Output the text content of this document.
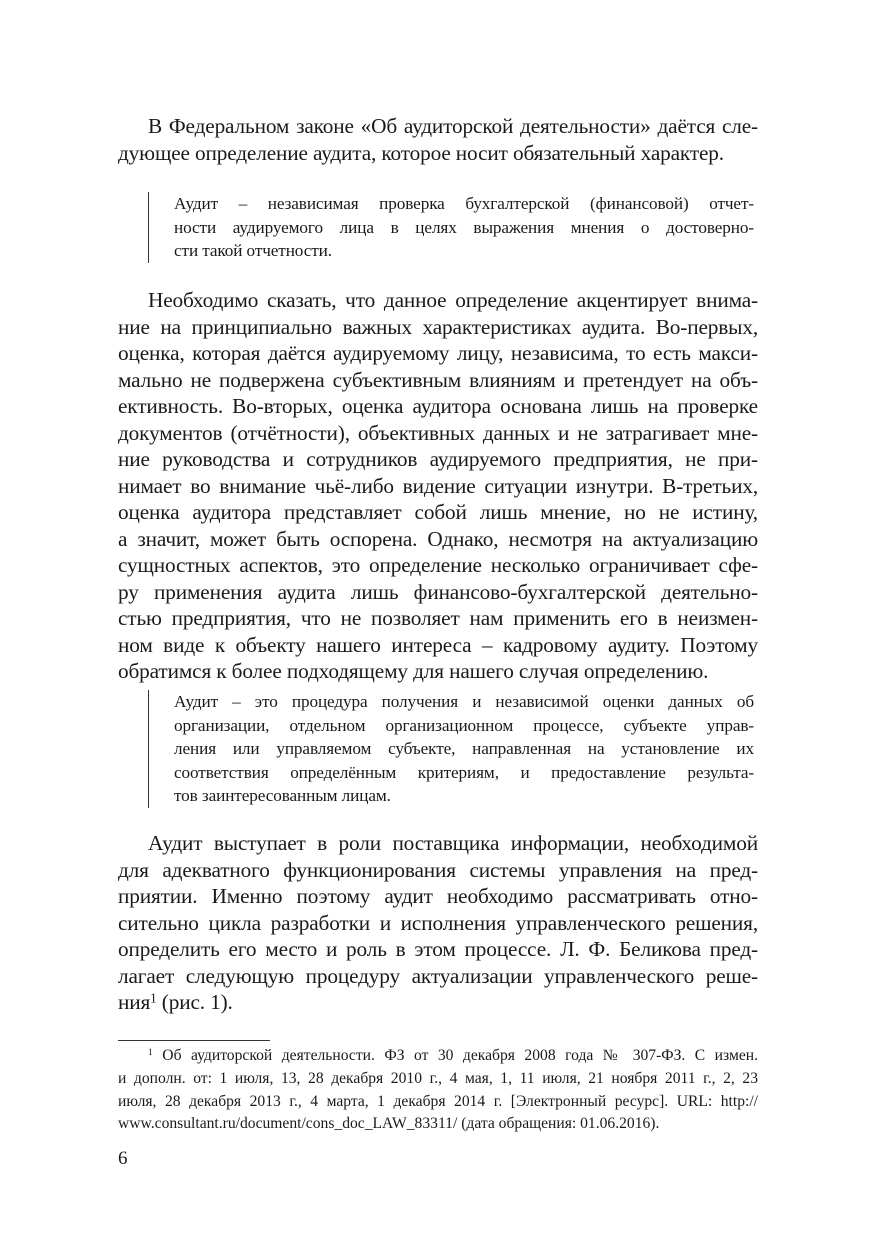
В Федеральном законе «Об аудиторской деятельности» даётся сле-
дующее определение аудита, которое носит обязательный характер.
Аудит – независимая проверка бухгалтерской (финансовой) отчет-
ности аудируемого лица в целях выражения мнения о достоверно-
сти такой отчетности.
Необходимо сказать, что данное определение акцентирует внима-
ние на принципиально важных характеристиках аудита. Во-первых,
оценка, которая даётся аудируемому лицу, независима, то есть макси-
мально не подвержена субъективным влияниям и претендует на объ-
ективность. Во-вторых, оценка аудитора основана лишь на проверке
документов (отчётности), объективных данных и не затрагивает мне-
ние руководства и сотрудников аудируемого предприятия, не при-
нимает во внимание чьё-либо видение ситуации изнутри. В-третьих,
оценка аудитора представляет собой лишь мнение, но не истину,
а значит, может быть оспорена. Однако, несмотря на актуализацию
сущностных аспектов, это определение несколько ограничивает сфе-
ру применения аудита лишь финансово-бухгалтерской деятельно-
стью предприятия, что не позволяет нам применить его в неизмен-
ном виде к объекту нашего интереса – кадровому аудиту. Поэтому
обратимся к более подходящему для нашего случая определению.
Аудит – это процедура получения и независимой оценки данных об
организации, отдельном организационном процессе, субъекте управ-
ления или управляемом субъекте, направленная на установление их
соответствия определённым критериям, и предоставление результа-
тов заинтересованным лицам.
Аудит выступает в роли поставщика информации, необходимой
для адекватного функционирования системы управления на пред-
приятии. Именно поэтому аудит необходимо рассматривать отно-
сительно цикла разработки и исполнения управленческого решения,
определить его место и роль в этом процессе. Л. Ф. Беликова пред-
лагает следующую процедуру актуализации управленческого реше-
ния$^1$ (рис. 1).
$^1$ Об аудиторской деятельности. ФЗ от 30 декабря 2008 года № 307-ФЗ. С измен.
и дополн. от: 1 июля, 13, 28 декабря 2010 г., 4 мая, 1, 11 июля, 21 ноября 2011 г., 2, 23
июля, 28 декабря 2013 г., 4 марта, 1 декабря 2014 г. [Электронный ресурс]. URL: http://
www.consultant.ru/document/cons_doc_LAW_83311/ (дата обращения: 01.06.2016).
6
